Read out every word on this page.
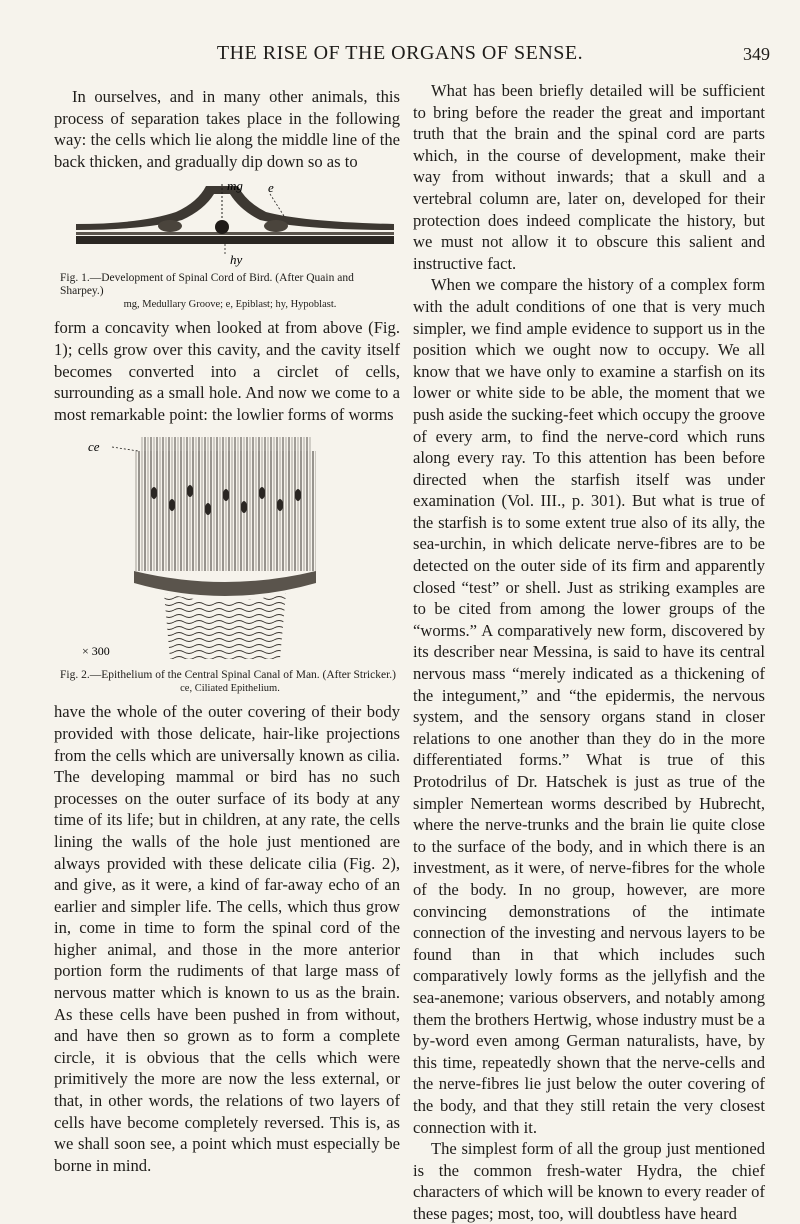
THE RISE OF THE ORGANS OF SENSE.	349

In ourselves, and in many other animals, this process of separation takes place in the following way: the cells which lie along the middle line of the back thicken, and gradually dip down so as to

mg e
hy
Fig. 1.—Development of Spinal Cord of Bird. (After Quain and Sharpey.)
mg, Medullary Groove; e, Epiblast; hy, Hypoblast.

form a concavity when looked at from above (Fig. 1); cells grow over this cavity, and the cavity itself becomes converted into a circlet of cells, surrounding as a small hole. And now we come to a most remarkable point: the lowlier forms of worms

ce
× 300
Fig. 2.—Epithelium of the Central Spinal Canal of Man. (After Stricker.)
ce, Ciliated Epithelium.

have the whole of the outer covering of their body provided with those delicate, hair-like projections from the cells which are universally known as cilia. The developing mammal or bird has no such processes on the outer surface of its body at any time of its life; but in children, at any rate, the cells lining the walls of the hole just mentioned are always provided with these delicate cilia (Fig. 2), and give, as it were, a kind of far-away echo of an earlier and simpler life. The cells, which thus grow in, come in time to form the spinal cord of the higher animal, and those in the more anterior portion form the rudiments of that large mass of nervous matter which is known to us as the brain. As these cells have been pushed in from without, and have then so grown as to form a complete circle, it is obvious that the cells which were primitively the more are now the less external, or that, in other words, the relations of two layers of cells have become completely reversed. This is, as we shall soon see, a point which must especially be borne in mind.

What has been briefly detailed will be sufficient to bring before the reader the great and important truth that the brain and the spinal cord are parts which, in the course of development, make their way from without inwards; that a skull and a vertebral column are, later on, developed for their protection does indeed complicate the history, but we must not allow it to obscure this salient and instructive fact.

When we compare the history of a complex form with the adult conditions of one that is very much simpler, we find ample evidence to support us in the position which we ought now to occupy. We all know that we have only to examine a starfish on its lower or white side to be able, the moment that we push aside the sucking-feet which occupy the groove of every arm, to find the nerve-cord which runs along every ray. To this attention has been before directed when the starfish itself was under examination (Vol. III., p. 301). But what is true of the starfish is to some extent true also of its ally, the sea-urchin, in which delicate nerve-fibres are to be detected on the outer side of its firm and apparently closed “test” or shell. Just as striking examples are to be cited from among the lower groups of the “worms.” A comparatively new form, discovered by its describer near Messina, is said to have its central nervous mass “merely indicated as a thickening of the integument,” and “the epidermis, the nervous system, and the sensory organs stand in closer relations to one another than they do in the more differentiated forms.” What is true of this Protodrilus of Dr. Hatschek is just as true of the simpler Nemertean worms described by Hubrecht, where the nerve-trunks and the brain lie quite close to the surface of the body, and in which there is an investment, as it were, of nerve-fibres for the whole of the body. In no group, however, are more convincing demonstrations of the intimate connection of the investing and nervous layers to be found than in that which includes such comparatively lowly forms as the jellyfish and the sea-anemone; various observers, and notably among them the brothers Hertwig, whose industry must be a by-word even among German naturalists, have, by this time, repeatedly shown that the nerve-cells and the nerve-fibres lie just below the outer covering of the body, and that they still retain the very closest connection with it.

The simplest form of all the group just mentioned is the common fresh-water Hydra, the chief characters of which will be known to every reader of these pages; most, too, will doubtless have heard
